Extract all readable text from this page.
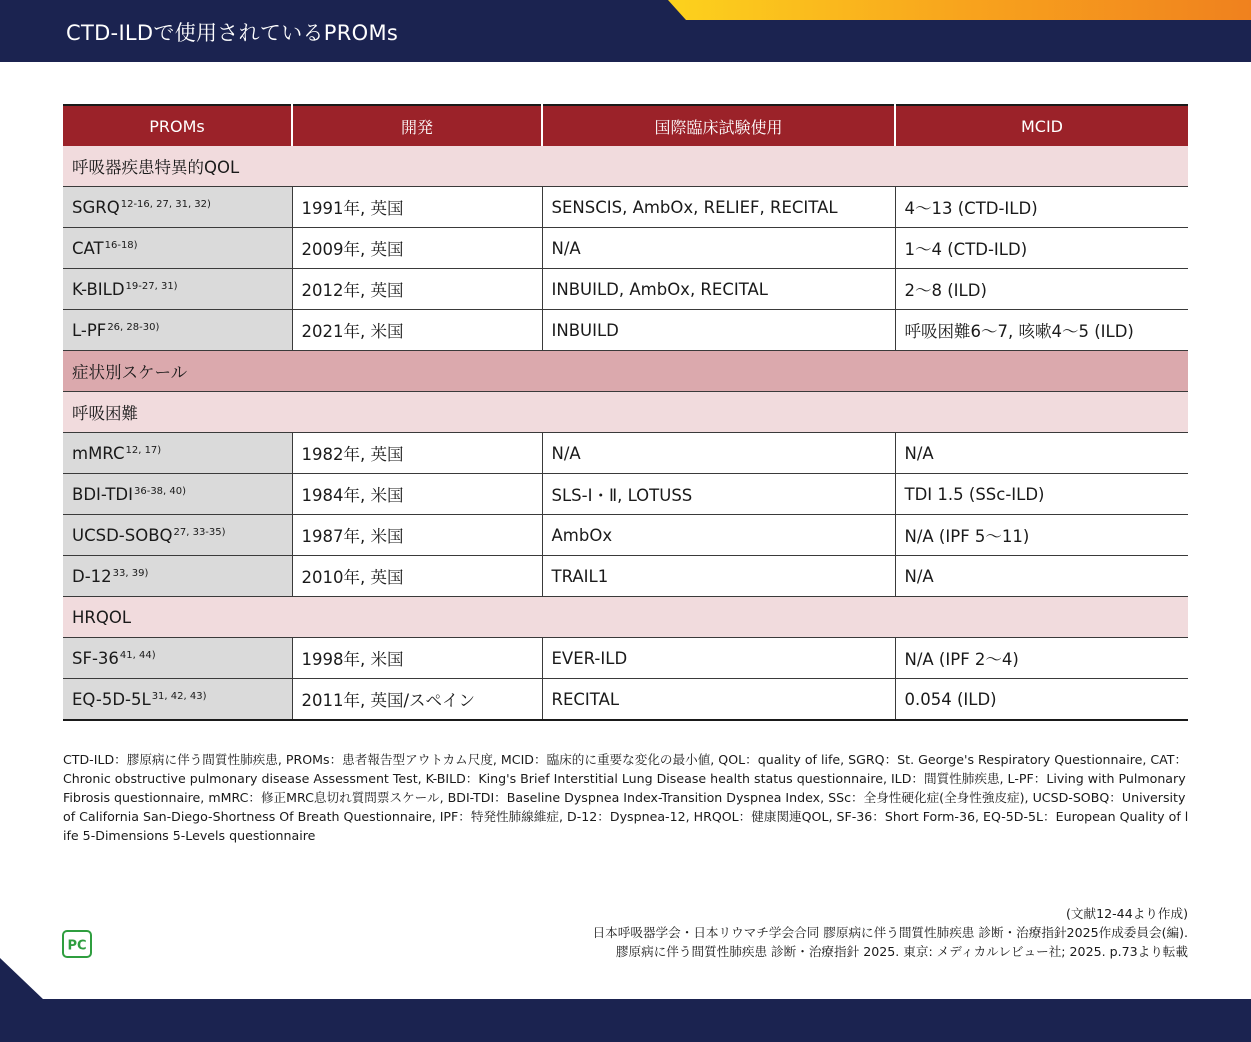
CTD-ILDで使用されているPROMs
PROMs	開発	国際臨床試験使用	MCID
呼吸器疾患特異的QOL			
SGRQ$^{12-16, 27, 31, 32)}$	1991年, 英国	SENSCIS, AmbOx, RELIEF, RECITAL	4～13 (CTD-ILD)
CAT$^{16-18)}$	2009年, 英国	N/A	1～4 (CTD-ILD)
K-BILD$^{19-27, 31)}$	2012年, 英国	INBUILD, AmbOx, RECITAL	2～8 (ILD)
L-PF$^{26, 28-30)}$	2021年, 米国	INBUILD	呼吸困難6～7, 咳嗽4～5 (ILD)
症状別スケール			
呼吸困難			
mMRC$^{12, 17)}$	1982年, 英国	N/A	N/A
BDI-TDI$^{36-38, 40)}$	1984年, 米国	SLS-Ⅰ・Ⅱ, LOTUSS	TDI 1.5 (SSc-ILD)
UCSD-SOBQ$^{27, 33-35)}$	1987年, 米国	AmbOx	N/A (IPF 5～11)
D-12$^{33, 39)}$	2010年, 英国	TRAIL1	N/A
HRQOL			
SF-36$^{41, 44)}$	1998年, 米国	EVER-ILD	N/A (IPF 2～4)
$EQ-5D-5L^{31, 42, 43)}$	2011年, 英国/スペイン	RECITAL	0.054 (ILD)
CTD-ILD：膠原病に伴う間質性肺疾患, PROMs：患者報告型アウトカム尺度, MCID：臨床的に重要な変化の最小値, QOL：quality of life, SGRQ：St. George's Respiratory Questionnaire, CAT：Chronic obstructive pulmonary disease Assessment Test, K-BILD：King's Brief Interstitial Lung Disease health status questionnaire, ILD：間質性肺疾患, L-PF：Living with Pulmonary Fibrosis questionnaire, mMRC：修正MRC息切れ質問票スケール, BDI-TDI：Baseline Dyspnea Index-Transition Dyspnea Index, SSc：全身性硬化症(全身性強皮症), UCSD-SOBQ：University of California San-Diego-Shortness Of Breath Questionnaire, IPF：特発性肺線維症, D-12：Dyspnea-12, HRQOL：健康関連QOL, SF-36：Short Form-36, EQ-5D-5L：European Quality of life 5-Dimensions 5-Levels questionnaire
(文献12-44より作成)
日本呼吸器学会・日本リウマチ学会合同 膠原病に伴う間質性肺疾患 診断・治療指針2025作成委員会(編).
膠原病に伴う間質性肺疾患 診断・治療指針 2025. 東京: メディカルレビュー社; 2025. p.73より転載
PC
